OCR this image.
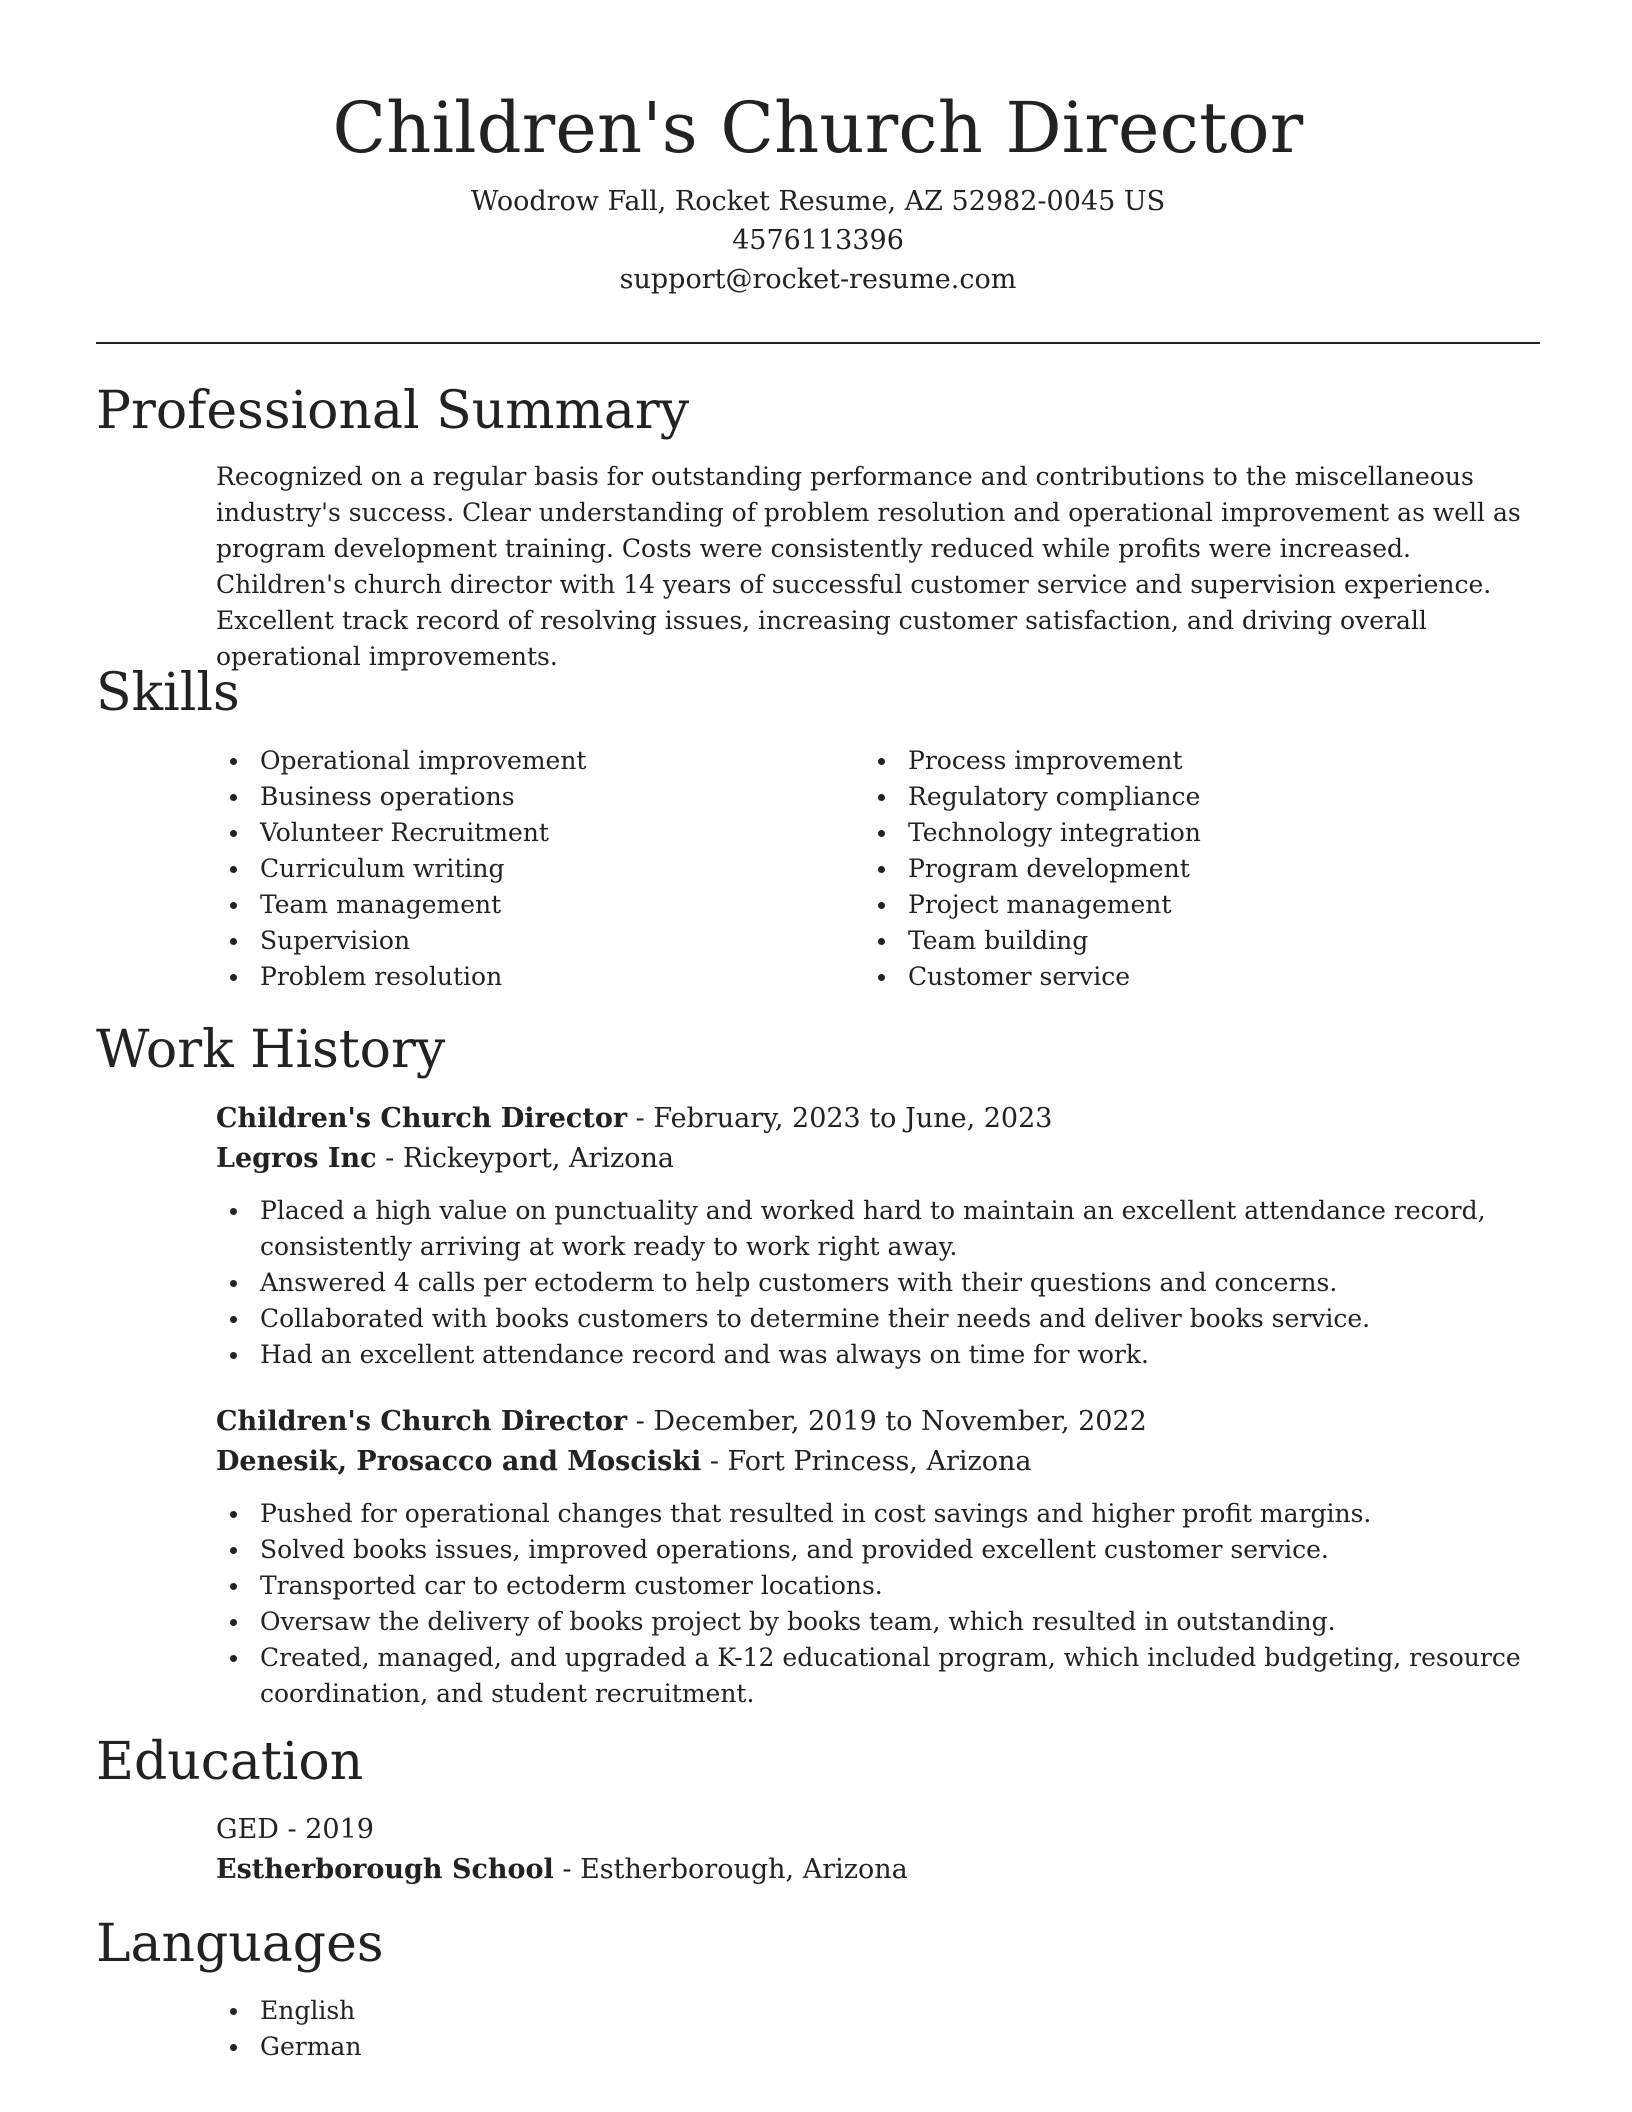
Children's Church Director
Woodrow Fall, Rocket Resume, AZ 52982-0045 US
4576113396
support@rocket-resume.com
Professional Summary
Recognized on a regular basis for outstanding performance and contributions to the miscellaneous industry's success. Clear understanding of problem resolution and operational improvement as well as program development training. Costs were consistently reduced while profits were increased. Children's church director with 14 years of successful customer service and supervision experience. Excellent track record of resolving issues, increasing customer satisfaction, and driving overall operational improvements.
Skills
Operational improvement
Business operations
Volunteer Recruitment
Curriculum writing
Team management
Supervision
Problem resolution
Process improvement
Regulatory compliance
Technology integration
Program development
Project management
Team building
Customer service
Work History
Children's Church Director - February, 2023 to June, 2023
Legros Inc - Rickeyport, Arizona
Placed a high value on punctuality and worked hard to maintain an excellent attendance record, consistently arriving at work ready to work right away.
Answered 4 calls per ectoderm to help customers with their questions and concerns.
Collaborated with books customers to determine their needs and deliver books service.
Had an excellent attendance record and was always on time for work.
Children's Church Director - December, 2019 to November, 2022
Denesik, Prosacco and Mosciski - Fort Princess, Arizona
Pushed for operational changes that resulted in cost savings and higher profit margins.
Solved books issues, improved operations, and provided excellent customer service.
Transported car to ectoderm customer locations.
Oversaw the delivery of books project by books team, which resulted in outstanding.
Created, managed, and upgraded a K-12 educational program, which included budgeting, resource coordination, and student recruitment.
Education
GED - 2019
Estherborough School - Estherborough, Arizona
Languages
English
German
